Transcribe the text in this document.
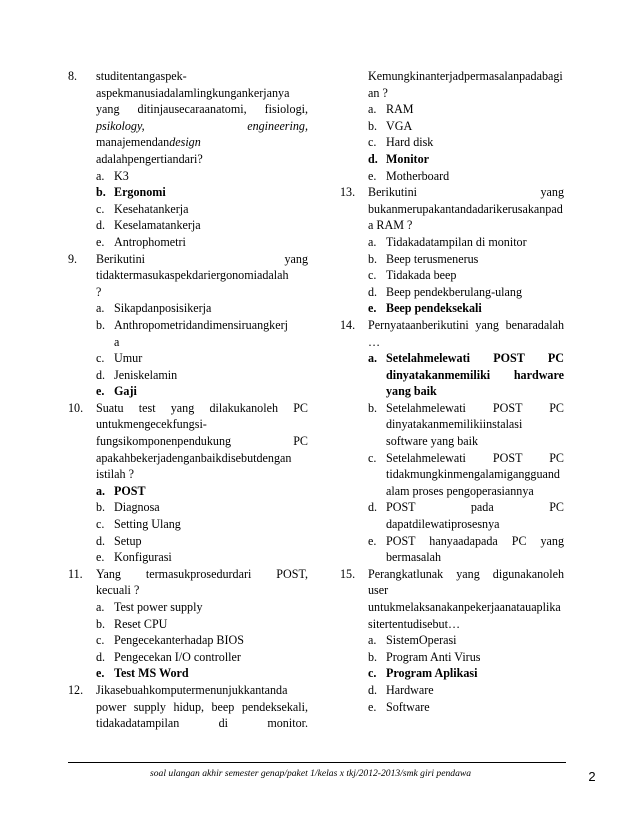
8. studitentangaspek-
aspekmanusiadalamlingkungankerjanya
yang ditinjausecaraanatomi, fisiologi,
psikology,	engineering,
manajemendandesign
adalahpengertiandari?
a. K3
b. Ergonomi
c. Kesehatankerja
d. Keselamatankerja
e. Antrophometri
9. Berikutini	yang
tidaktermasukaspekdariergonomiadalah
?
a. Sikapdanposisikerja
b. Anthropometridandimensiruangkerj
a
c. Umur
d. Jeniskelamin
e. Gaji
10. Suatu test yang dilakukanoleh PC
untukmengecekfungsi-
fungsikomponenpendukung	PC
apakahbekerjadenganbaikdisebutdengan
istilah ?
a. POST
b. Diagnosa
c. Setting Ulang
d. Setup
e. Konfigurasi
11. Yang termasukprosedurdari POST,
kecuali ?
a. Test power supply
b. Reset CPU
c. Pengecekanterhadap BIOS
d. Pengecekan I/O controller
e. Test MS Word
12. Jikasebuahkomputermenunjukkantanda
power supply hidup, beep pendeksekali,
tidakadatampilan di monitor.
Kemungkinanterjadpermasalanpadabagi
an ?
a. RAM
b. VGA
c. Hard disk
d. Monitor
e. Motherboard
13. Berikutini	yang
bukanmerupakantandadarikerusakanpad
a RAM ?
a. Tidakadatampilan di monitor
b. Beep terusmenerus
c. Tidakada beep
d. Beep pendekberulang-ulang
e. Beep pendeksekali
14. Pernyataanberikutini yang benaradalah
…
a. Setelahmelewati POST PC
dinyatakanmemiliki hardware
yang baik
b. Setelahmelewati POST PC
dinyatakanmemilikiinstalasi
software yang baik
c. Setelahmelewati POST PC
tidakmungkinmengalamigangguand
alam proses pengoperasiannya
d. POST pada PC
dapatdilewatiprosesnya
e. POST hanyaadapada PC yang
bermasalah
15. Perangkatlunak yang digunakanoleh
user
untukmelaksanakanpekerjaanatauaplika
sitertentudisebut…
a. SistemOperasi
b. Program Anti Virus
c. Program Aplikasi
d. Hardware
e. Software
soal ulangan akhir semester genap/paket 1/kelas x tkj/2012-2013/smk giri pendawa	2
